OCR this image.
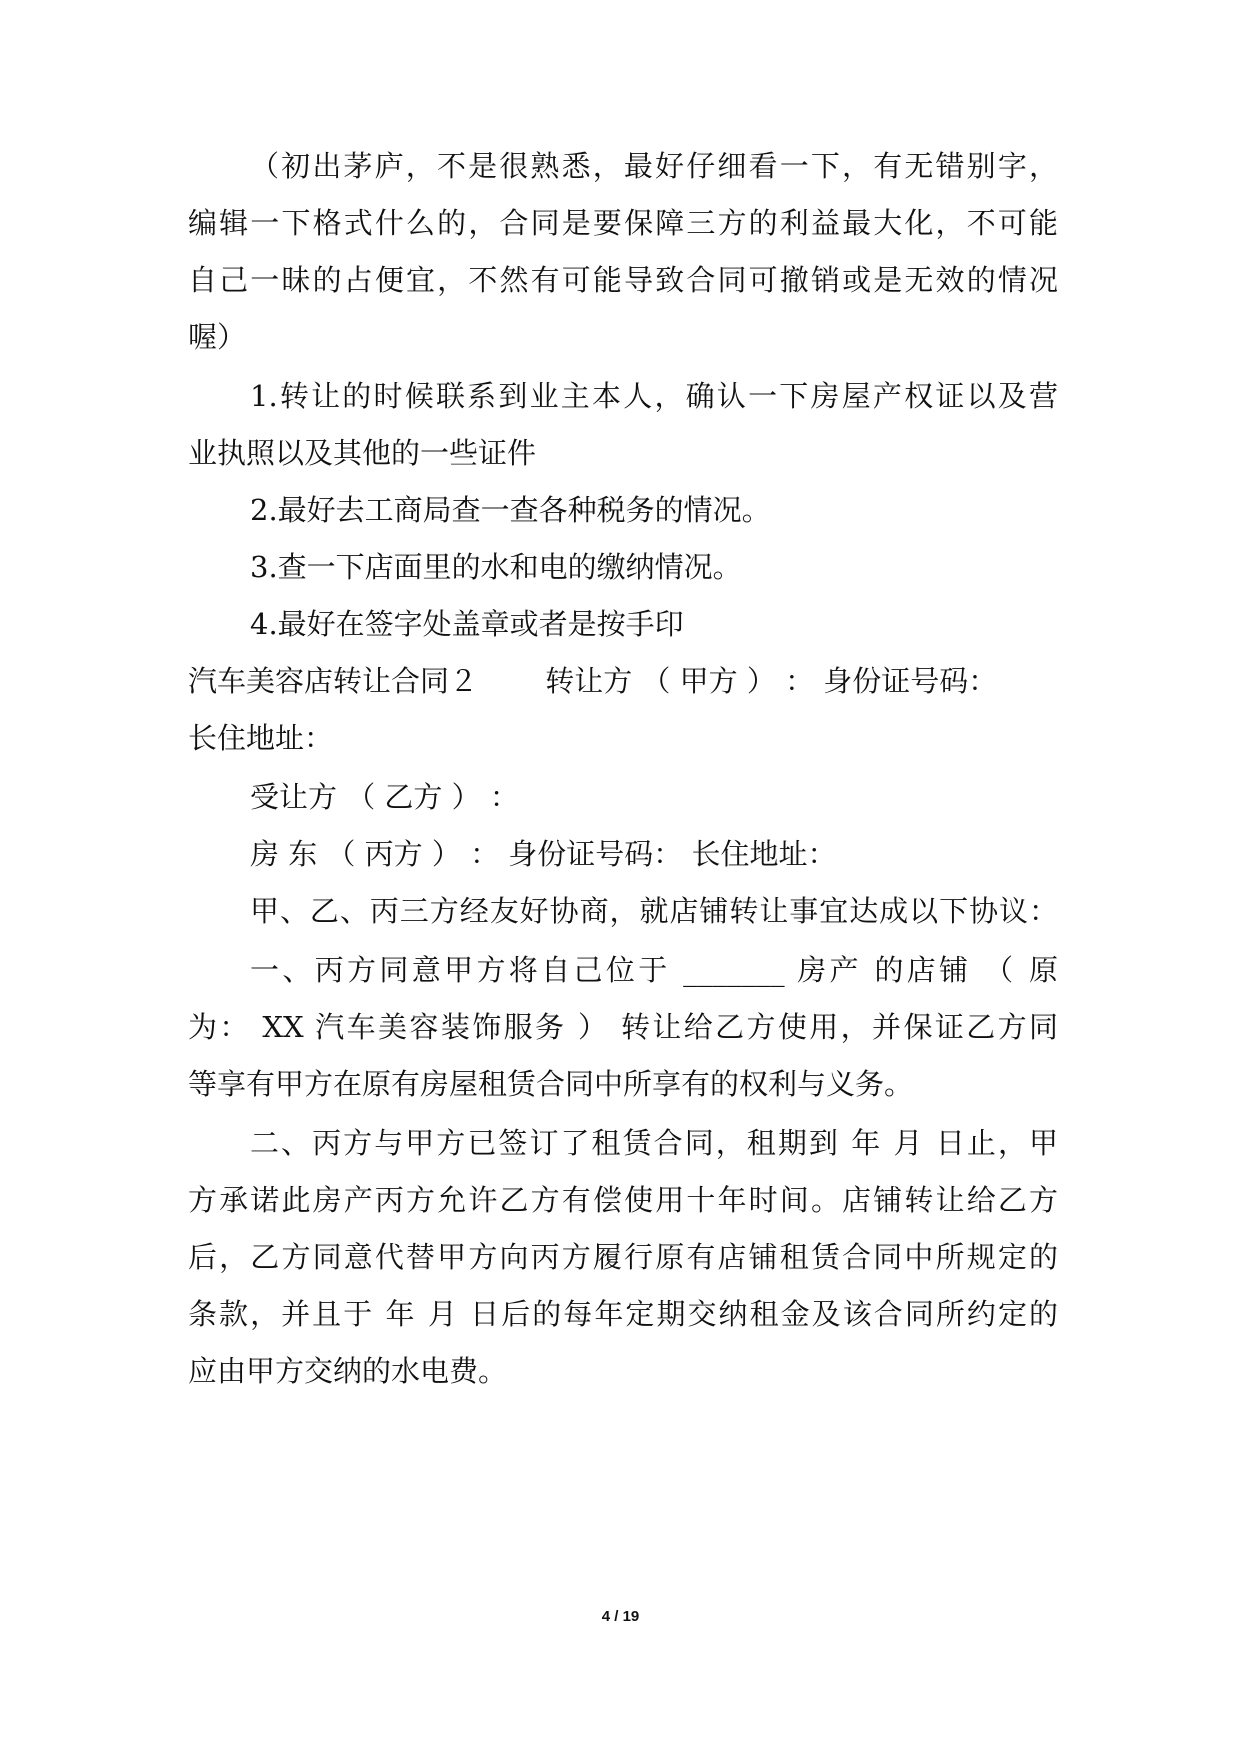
（初出茅庐，不是很熟悉，最好仔细看一下，有无错别字，
编辑一下格式什么的，合同是要保障三方的利益最大化，不可能
自己一昧的占便宜，不然有可能导致合同可撤销或是无效的情况
喔）
1.转让的时候联系到业主本人，确认一下房屋产权证以及营
业执照以及其他的一些证件
2.最好去工商局查一查各种税务的情况。
3.查一下店面里的水和电的缴纳情况。
4.最好在签字处盖章或者是按手印
汽车美容店转让合同２　　 转让方 （ 甲方 ） ： 身份证号码：
长住地址：
受让方 （ 乙方 ） ：
房 东 （ 丙方 ） ： 身份证号码： 长住地址：
甲、乙、丙三方经友好协商，就店铺转让事宜达成以下协议：
一、丙方同意甲方将自己位于 _______ 房产 的店铺 （ 原
为： XX 汽车美容装饰服务 ） 转让给乙方使用，并保证乙方同
等享有甲方在原有房屋租赁合同中所享有的权利与义务。
二、丙方与甲方已签订了租赁合同，租期到 年 月 日止，甲
方承诺此房产丙方允许乙方有偿使用十年时间。店铺转让给乙方
后，乙方同意代替甲方向丙方履行原有店铺租赁合同中所规定的
条款，并且于 年 月 日后的每年定期交纳租金及该合同所约定的
应由甲方交纳的水电费。
4 / 19
